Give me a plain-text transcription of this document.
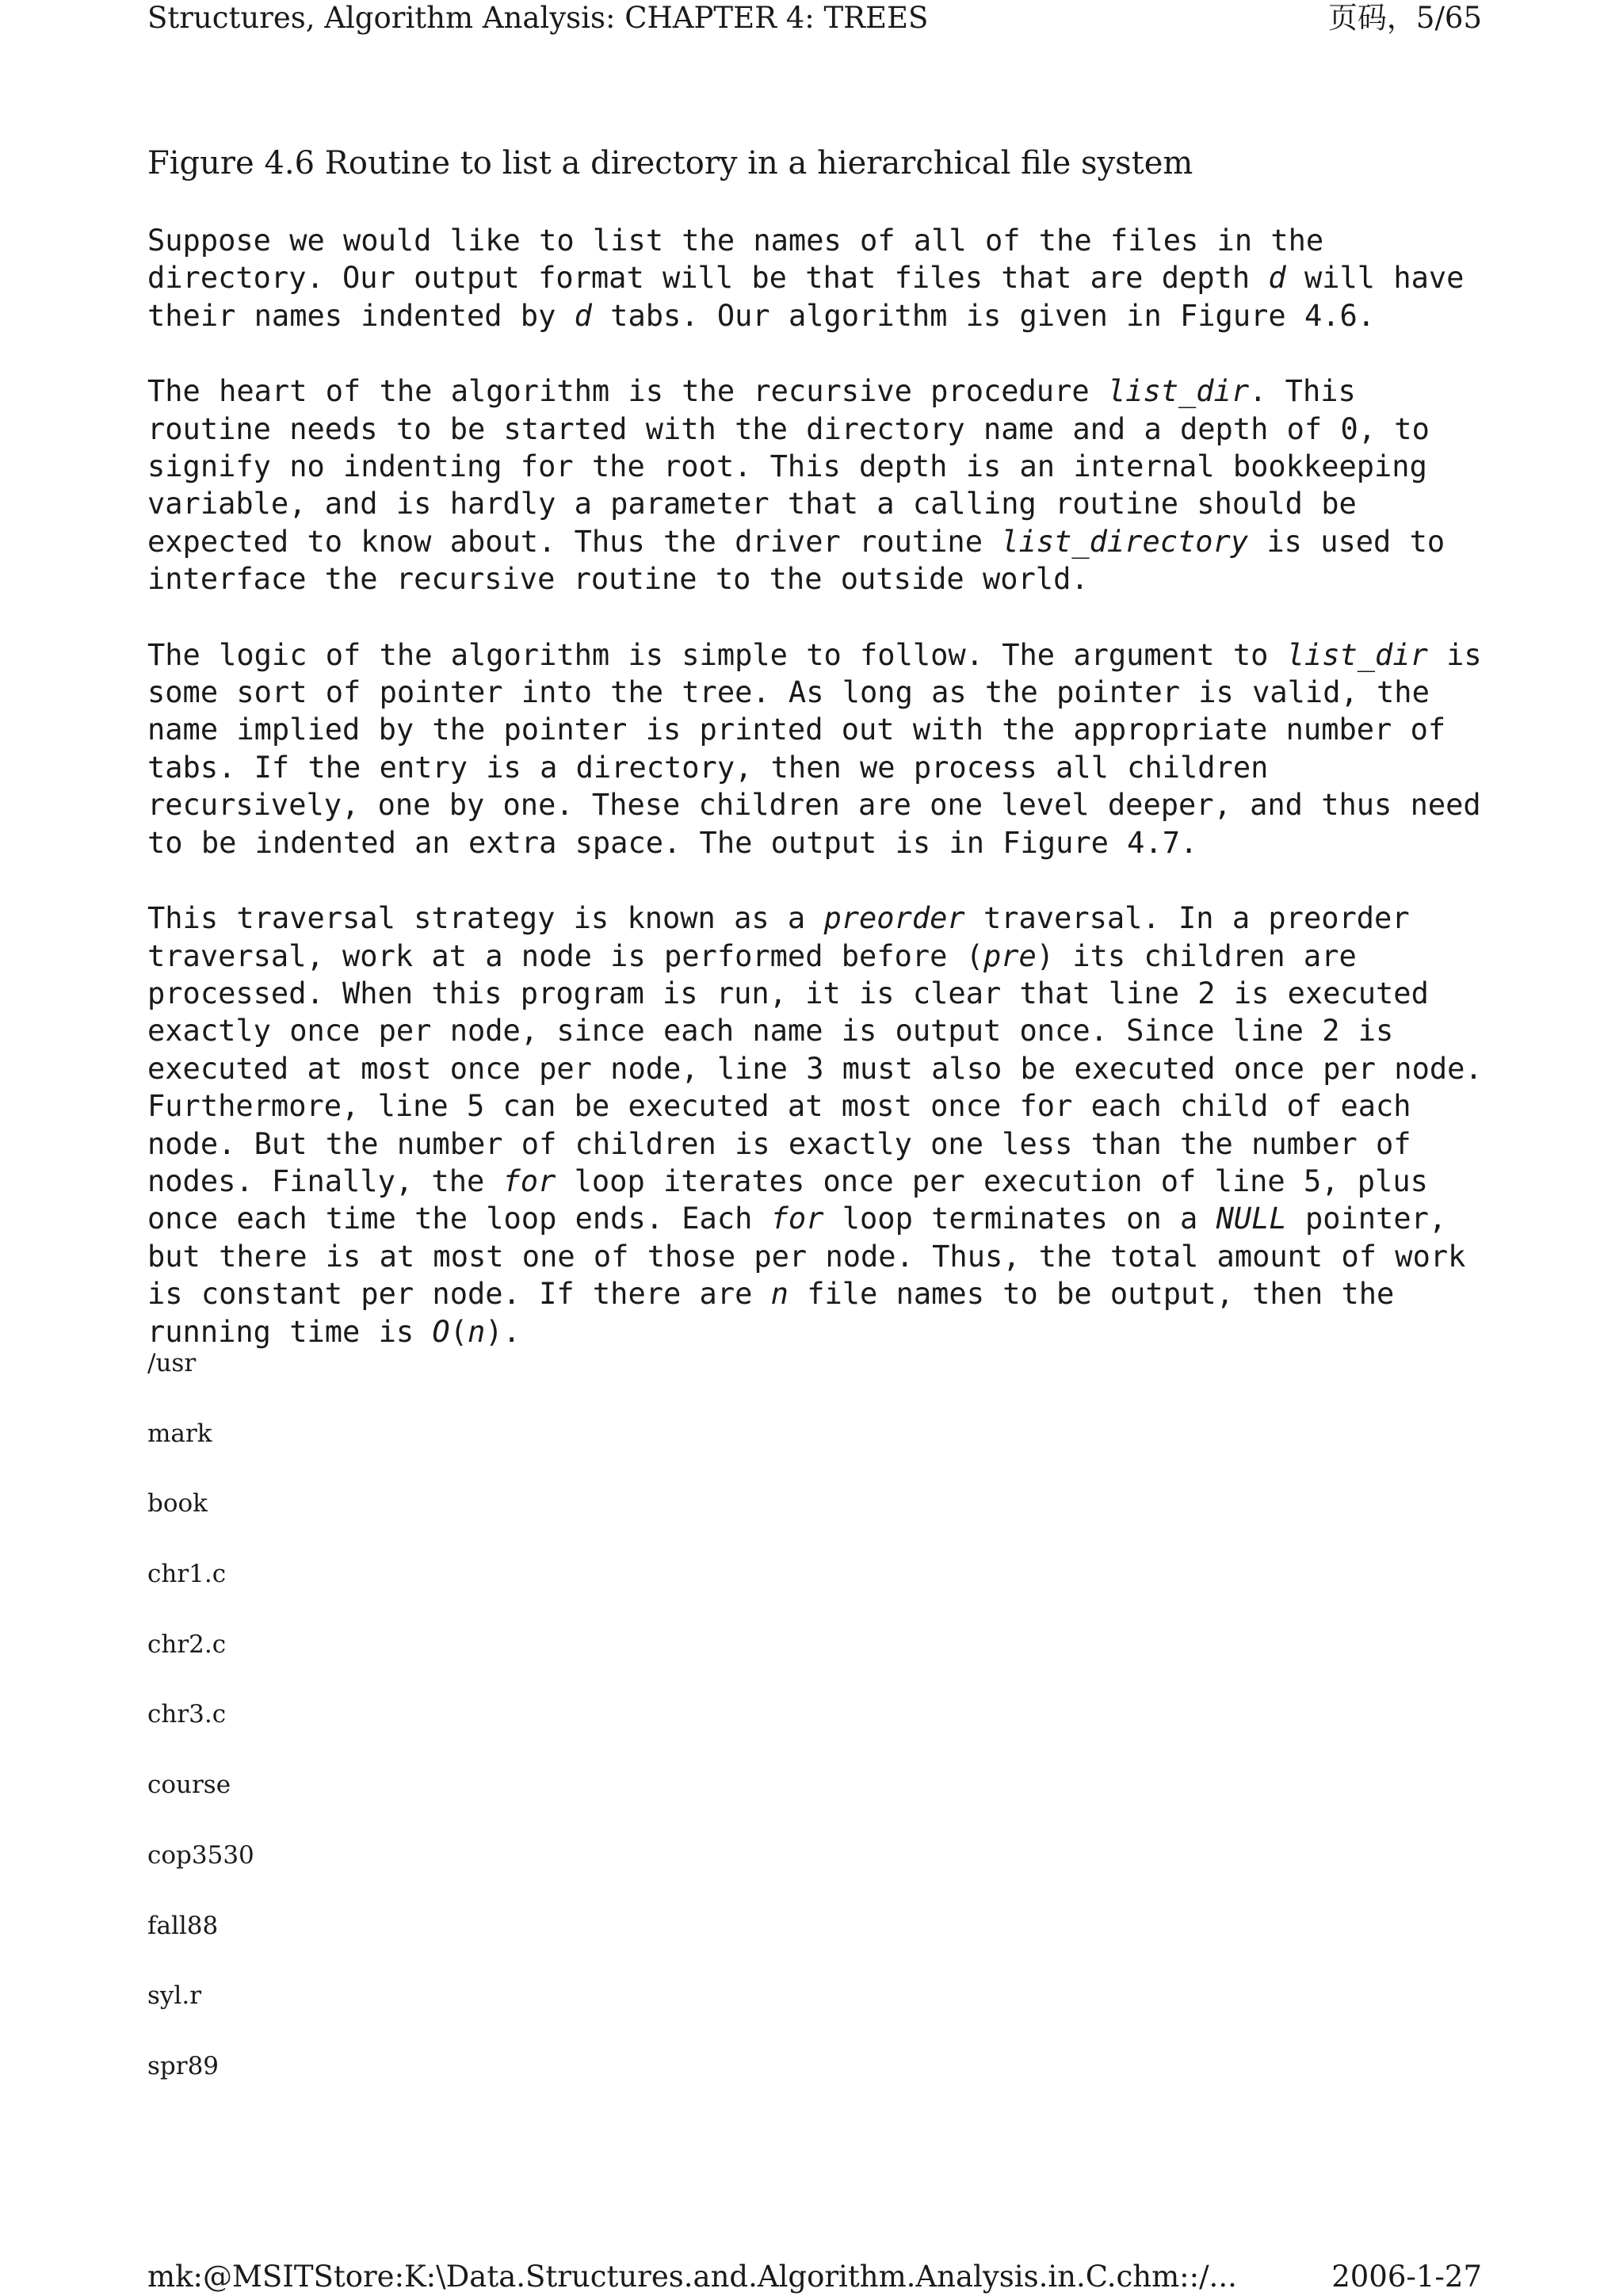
Structures, Algorithm Analysis: CHAPTER 4: TREES	页码，5/65
Figure 4.6 Routine to list a directory in a hierarchical file system

Suppose we would like to list the names of all of the files in the directory. Our output format will be that files that are depth d will have their names indented by d tabs. Our algorithm is given in Figure 4.6.

The heart of the algorithm is the recursive procedure list_dir. This routine needs to be started with the directory name and a depth of 0, to signify no indenting for the root. This depth is an internal bookkeeping variable, and is hardly a parameter that a calling routine should be expected to know about. Thus the driver routine list_directory is used to interface the recursive routine to the outside world.

The logic of the algorithm is simple to follow. The argument to list_dir is some sort of pointer into the tree. As long as the pointer is valid, the name implied by the pointer is printed out with the appropriate number of tabs. If the entry is a directory, then we process all children recursively, one by one. These children are one level deeper, and thus need to be indented an extra space. The output is in Figure 4.7.

This traversal strategy is known as a preorder traversal. In a preorder traversal, work at a node is performed before (pre) its children are processed. When this program is run, it is clear that line 2 is executed exactly once per node, since each name is output once. Since line 2 is executed at most once per node, line 3 must also be executed once per node. Furthermore, line 5 can be executed at most once for each child of each node. But the number of children is exactly one less than the number of nodes. Finally, the for loop iterates once per execution of line 5, plus once each time the loop ends. Each for loop terminates on a NULL pointer, but there is at most one of those per node. Thus, the total amount of work is constant per node. If there are n file names to be output, then the running time is O(n).

/usr
mark
book
chr1.c
chr2.c
chr3.c
course
cop3530
fall88
syl.r
spr89
mk:@MSITStore:K:\Data.Structures.and.Algorithm.Analysis.in.C.chm::/...	2006-1-27
